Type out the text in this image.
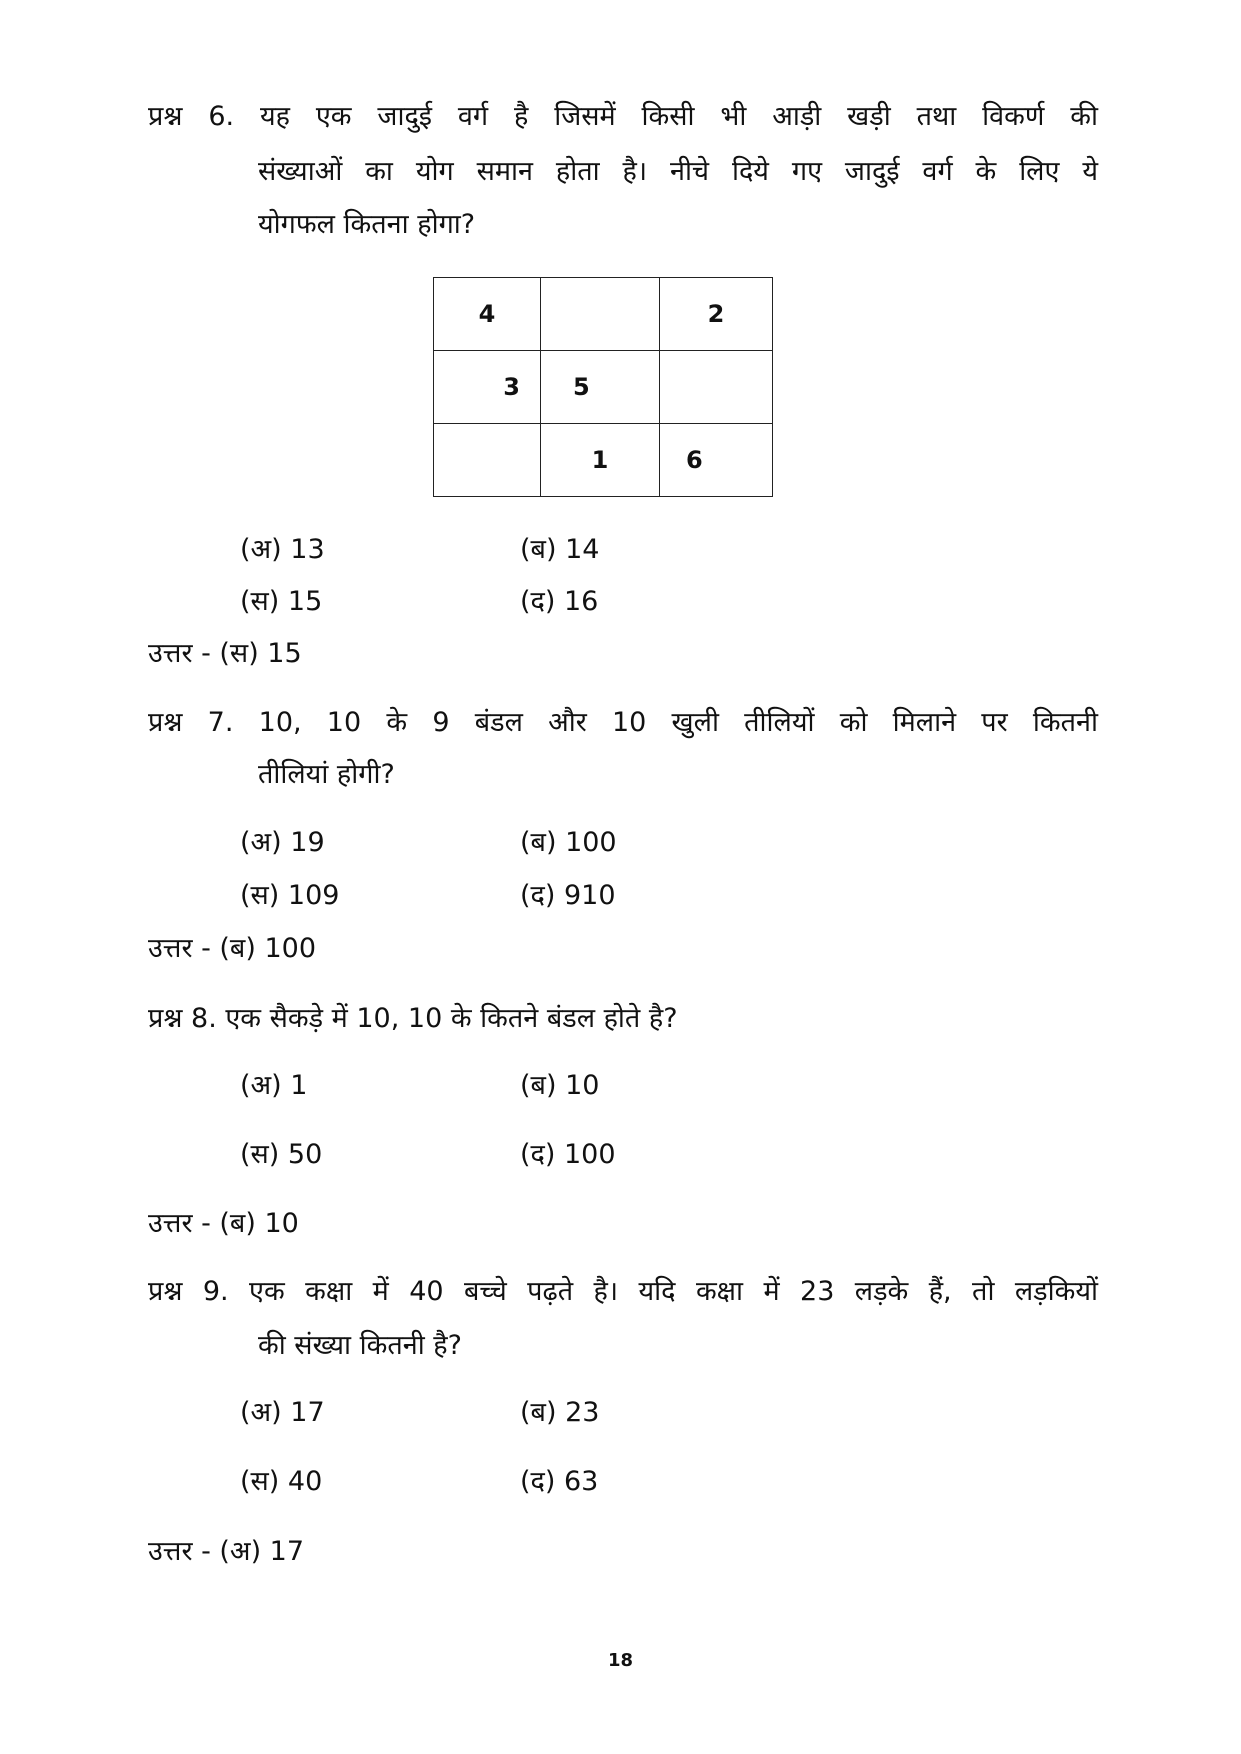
प्रश्न 6. यह एक जादुई वर्ग है जिसमें किसी भी आड़ी खड़ी तथा विकर्ण की
संख्याओं का योग समान होता है। नीचे दिये गए जादुई वर्ग के लिए ये
योगफल कितना होगा?
4		2
3	5	
	1	6
(अ) 13	(ब) 14
(स) 15	(द) 16
उत्तर - (स) 15
प्रश्न 7. 10, 10 के 9 बंडल और 10 खुली तीलियों को मिलाने पर कितनी
तीलियां होगी?
(अ) 19	(ब) 100
(स) 109	(द) 910
उत्तर - (ब) 100
प्रश्न 8. एक सैकड़े में 10, 10 के कितने बंडल होते है?
(अ) 1	(ब) 10
(स) 50	(द) 100
उत्तर - (ब) 10
प्रश्न 9. एक कक्षा में 40 बच्चे पढ़ते है। यदि कक्षा में 23 लड़के हैं, तो लड़कियों
की संख्या कितनी है?
(अ) 17	(ब) 23
(स) 40	(द) 63
उत्तर - (अ) 17
18
